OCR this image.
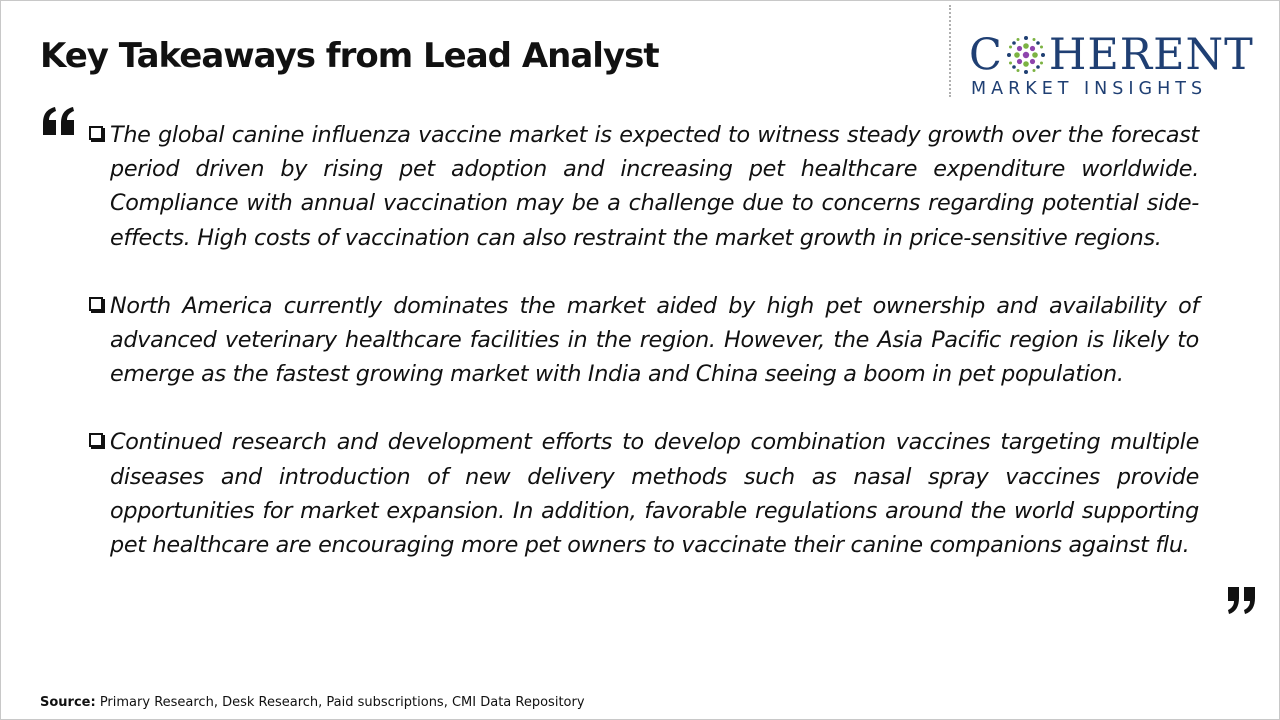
Key Takeaways from Lead Analyst	C HERENT
MARKET INSIGHTS
The global canine influenza vaccine market is expected to witness steady growth over the forecast period driven by rising pet adoption and increasing pet healthcare expenditure worldwide. Compliance with annual vaccination may be a challenge due to concerns regarding potential side-effects. High costs of vaccination can also restraint the market growth in price-sensitive regions.
North America currently dominates the market aided by high pet ownership and availability of advanced veterinary healthcare facilities in the region. However, the Asia Pacific region is likely to emerge as the fastest growing market with India and China seeing a boom in pet population.
Continued research and development efforts to develop combination vaccines targeting multiple diseases and introduction of new delivery methods such as nasal spray vaccines provide opportunities for market expansion. In addition, favorable regulations around the world supporting pet healthcare are encouraging more pet owners to vaccinate their canine companions against flu.
Source: Primary Research, Desk Research, Paid subscriptions, CMI Data Repository
